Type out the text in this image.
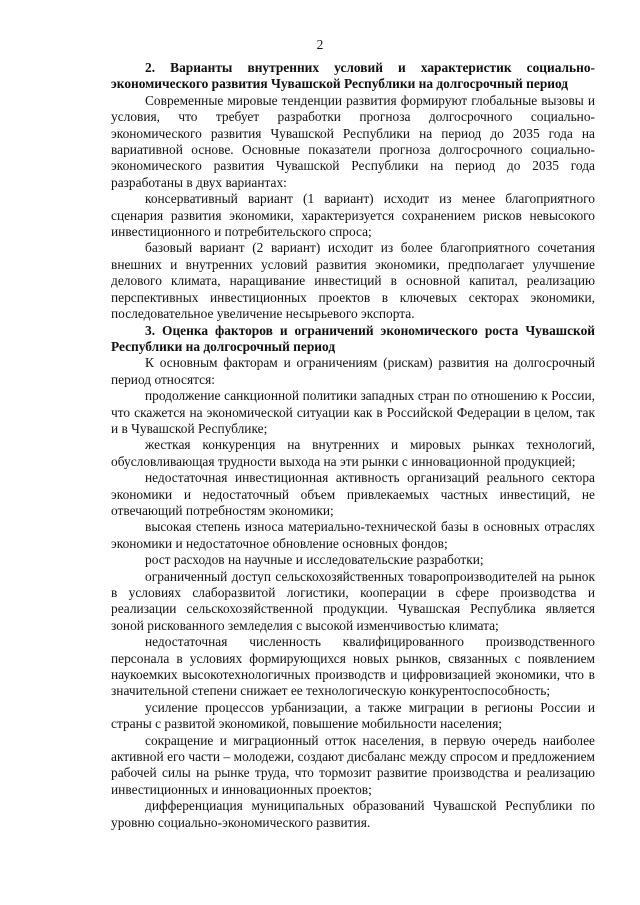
2

2. Варианты внутренних условий и характеристик социально-экономического развития Чувашской Республики на долгосрочный период

Современные мировые тенденции развития формируют глобальные вызовы и условия, что требует разработки прогноза долгосрочного социально-экономического развития Чувашской Республики на период до 2035 года на вариативной основе. Основные показатели прогноза долгосрочного социально-экономического развития Чувашской Республики на период до 2035 года разработаны в двух вариантах:

консервативный вариант (1 вариант) исходит из менее благоприятного сценария развития экономики, характеризуется сохранением рисков невысокого инвестиционного и потребительского спроса;

базовый вариант (2 вариант) исходит из более благоприятного сочетания внешних и внутренних условий развития экономики, предполагает улучшение делового климата, наращивание инвестиций в основной капитал, реализацию перспективных инвестиционных проектов в ключевых секторах экономики, последовательное увеличение несырьевого экспорта.

3. Оценка факторов и ограничений экономического роста Чувашской Республики на долгосрочный период

К основным факторам и ограничениям (рискам) развития на долгосрочный период относятся:

продолжение санкционной политики западных стран по отношению к России, что скажется на экономической ситуации как в Российской Федерации в целом, так и в Чувашской Республике;

жесткая конкуренция на внутренних и мировых рынках технологий, обусловливающая трудности выхода на эти рынки с инновационной продукцией;

недостаточная инвестиционная активность организаций реального сектора экономики и недостаточный объем привлекаемых частных инвестиций, не отвечающий потребностям экономики;

высокая степень износа материально-технической базы в основных отраслях экономики и недостаточное обновление основных фондов;

рост расходов на научные и исследовательские разработки;

ограниченный доступ сельскохозяйственных товаропроизводителей на рынок в условиях слаборазвитой логистики, кооперации в сфере производства и реализации сельскохозяйственной продукции. Чувашская Республика является зоной рискованного земледелия с высокой изменчивостью климата;

недостаточная численность квалифицированного производственного персонала в условиях формирующихся новых рынков, связанных с появлением наукоемких высокотехнологичных производств и цифровизацией экономики, что в значительной степени снижает ее технологическую конкурентоспособность;

усиление процессов урбанизации, а также миграции в регионы России и страны с развитой экономикой, повышение мобильности населения;

сокращение и миграционный отток населения, в первую очередь наиболее активной его части – молодежи, создают дисбаланс между спросом и предложением рабочей силы на рынке труда, что тормозит развитие производства и реализацию инвестиционных и инновационных проектов;

дифференциация муниципальных образований Чувашской Республики по уровню социально-экономического развития.
